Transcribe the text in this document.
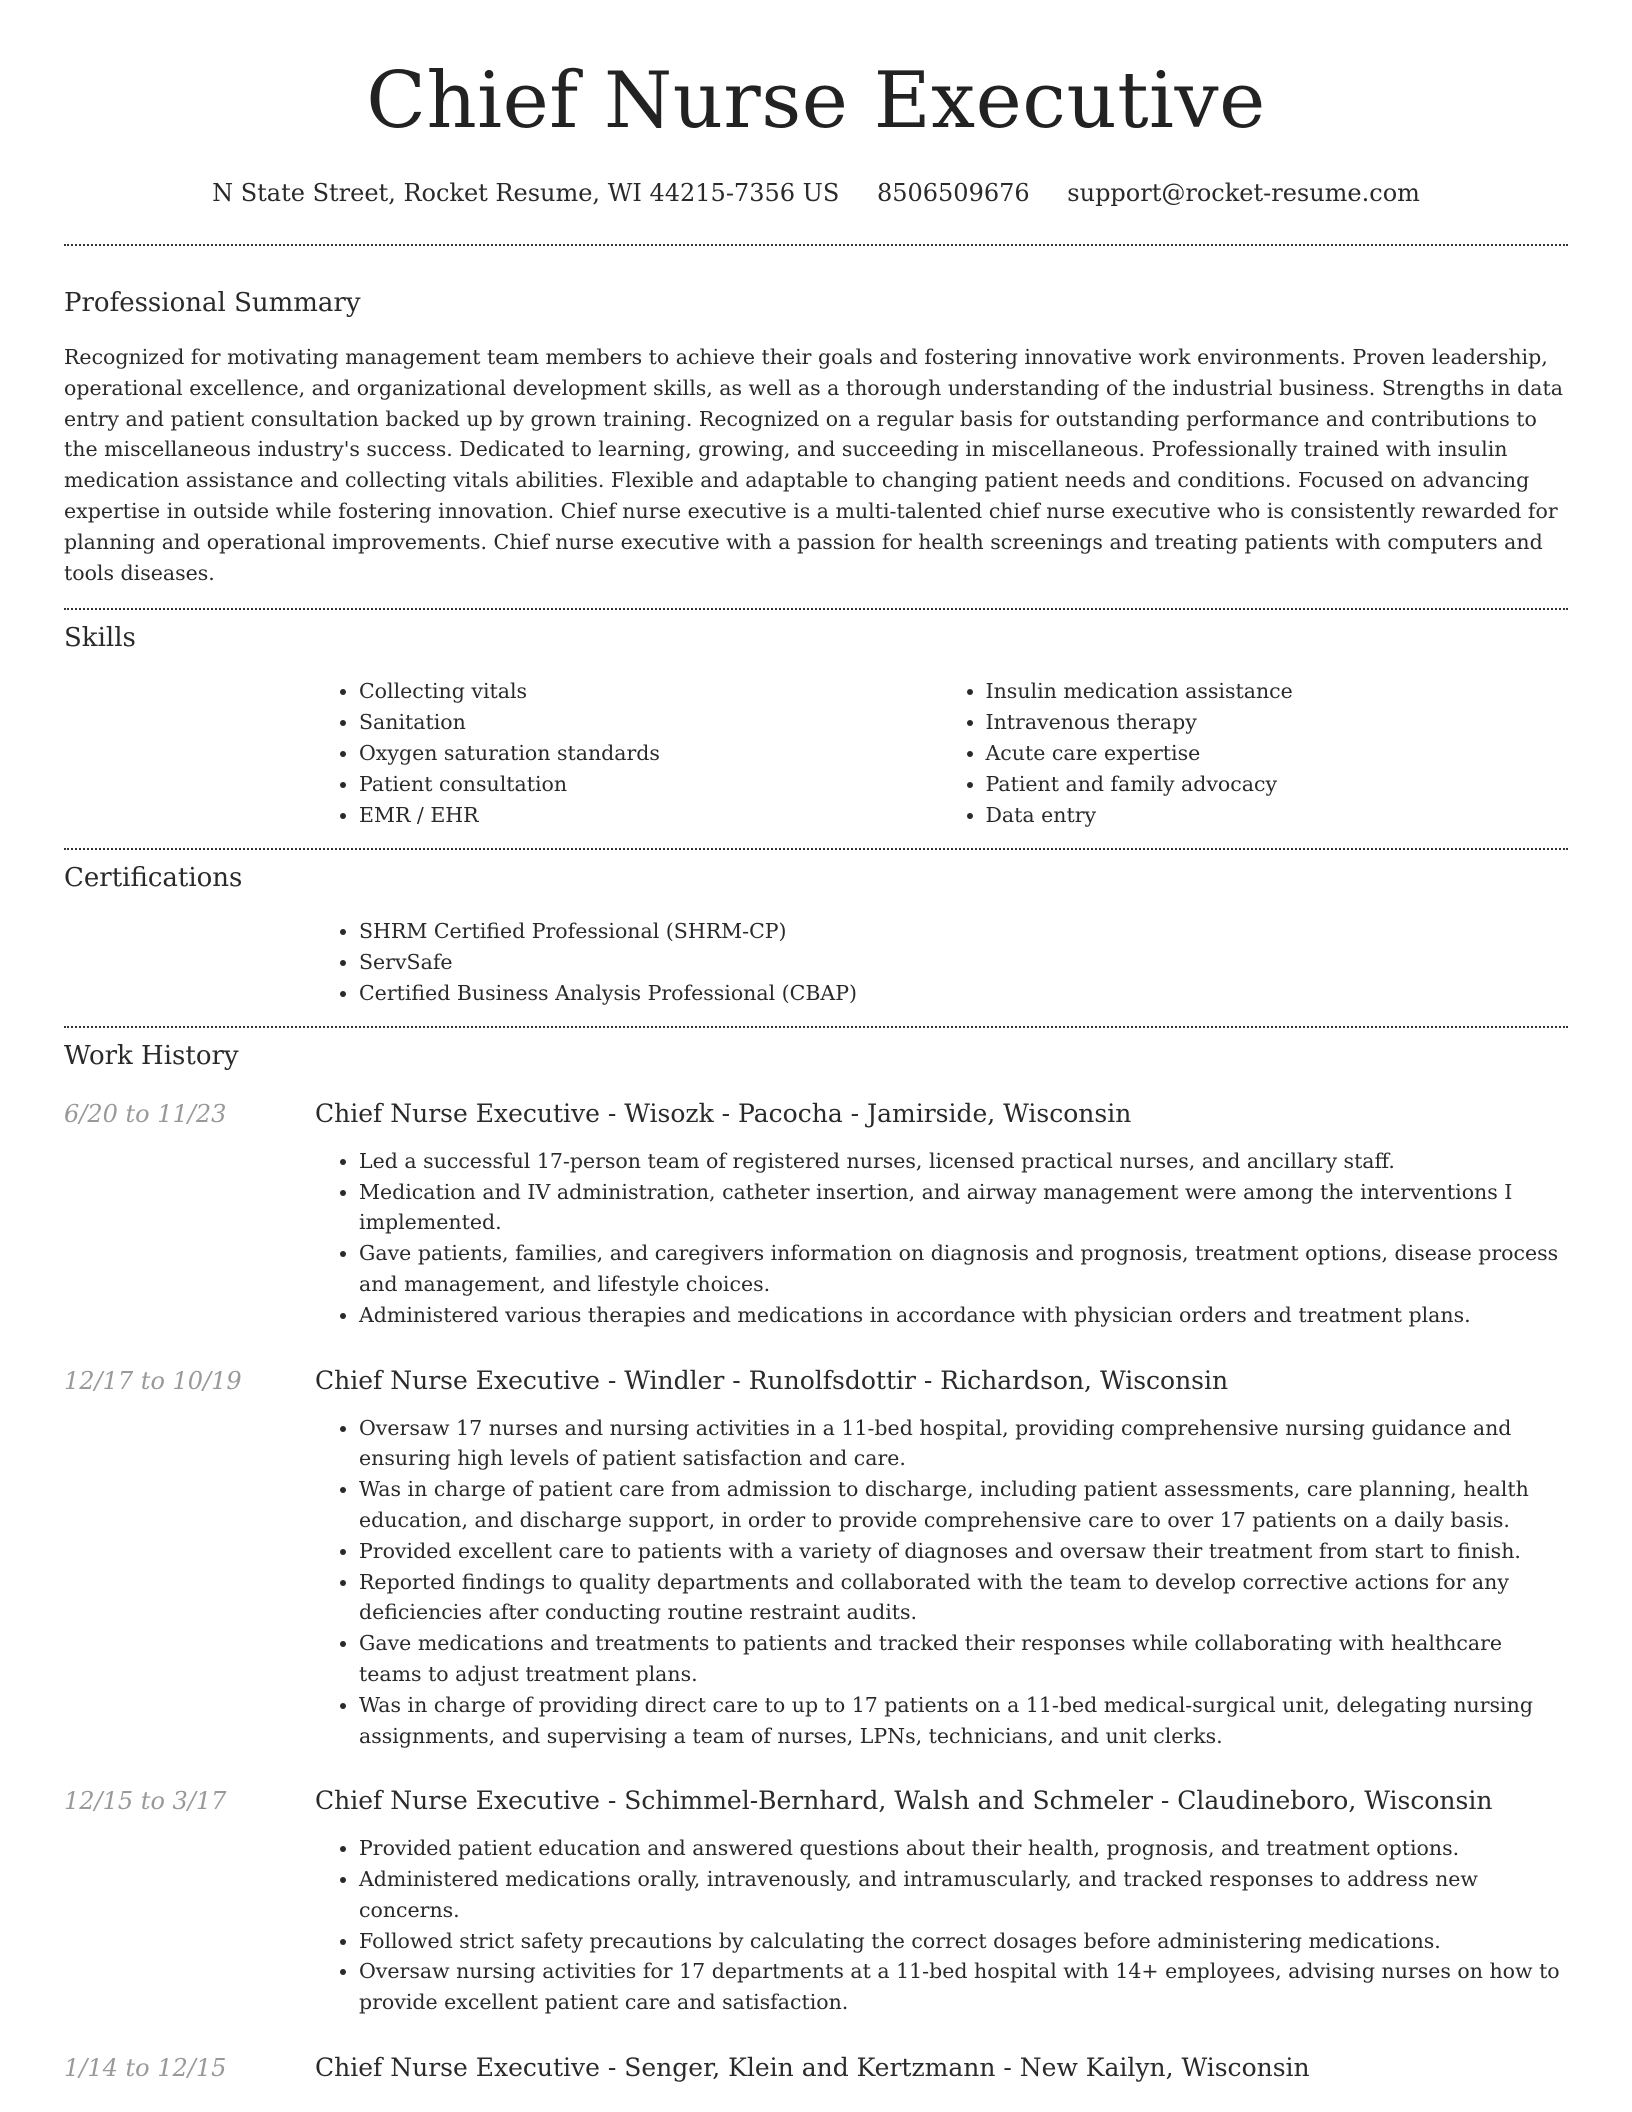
Chief Nurse Executive
N State Street, Rocket Resume, WI 44215-7356 US 8506509676 support@rocket-resume.com
Professional Summary

Recognized for motivating management team members to achieve their goals and fostering innovative work environments. Proven leadership, operational excellence, and organizational development skills, as well as a thorough understanding of the industrial business. Strengths in data entry and patient consultation backed up by grown training. Recognized on a regular basis for outstanding performance and contributions to the miscellaneous industry's success. Dedicated to learning, growing, and succeeding in miscellaneous. Professionally trained with insulin medication assistance and collecting vitals abilities. Flexible and adaptable to changing patient needs and conditions. Focused on advancing expertise in outside while fostering innovation. Chief nurse executive is a multi-talented chief nurse executive who is consistently rewarded for planning and operational improvements. Chief nurse executive with a passion for health screenings and treating patients with computers and tools diseases.

Skills
• Collecting vitals
• Sanitation
• Oxygen saturation standards
• Patient consultation
• EMR / EHR
• Insulin medication assistance
• Intravenous therapy
• Acute care expertise
• Patient and family advocacy
• Data entry
Certifications
• SHRM Certified Professional (SHRM-CP)
• ServSafe
• Certified Business Analysis Professional (CBAP)
Work History
6/20 to 11/23	Chief Nurse Executive - Wisozk - Pacocha - Jamirside, Wisconsin
• Led a successful 17-person team of registered nurses, licensed practical nurses, and ancillary staff.
• Medication and IV administration, catheter insertion, and airway management were among the interventions I implemented.
• Gave patients, families, and caregivers information on diagnosis and prognosis, treatment options, disease process and management, and lifestyle choices.
• Administered various therapies and medications in accordance with physician orders and treatment plans.
12/17 to 10/19	Chief Nurse Executive - Windler - Runolfsdottir - Richardson, Wisconsin
• Oversaw 17 nurses and nursing activities in a 11-bed hospital, providing comprehensive nursing guidance and ensuring high levels of patient satisfaction and care.
• Was in charge of patient care from admission to discharge, including patient assessments, care planning, health education, and discharge support, in order to provide comprehensive care to over 17 patients on a daily basis.
• Provided excellent care to patients with a variety of diagnoses and oversaw their treatment from start to finish.
• Reported findings to quality departments and collaborated with the team to develop corrective actions for any deficiencies after conducting routine restraint audits.
• Gave medications and treatments to patients and tracked their responses while collaborating with healthcare teams to adjust treatment plans.
• Was in charge of providing direct care to up to 17 patients on a 11-bed medical-surgical unit, delegating nursing assignments, and supervising a team of nurses, LPNs, technicians, and unit clerks.
12/15 to 3/17	Chief Nurse Executive - Schimmel-Bernhard, Walsh and Schmeler - Claudineboro, Wisconsin
• Provided patient education and answered questions about their health, prognosis, and treatment options.
• Administered medications orally, intravenously, and intramuscularly, and tracked responses to address new concerns.
• Followed strict safety precautions by calculating the correct dosages before administering medications.
• Oversaw nursing activities for 17 departments at a 11-bed hospital with 14+ employees, advising nurses on how to provide excellent patient care and satisfaction.
1/14 to 12/15	Chief Nurse Executive - Senger, Klein and Kertzmann - New Kailyn, Wisconsin
